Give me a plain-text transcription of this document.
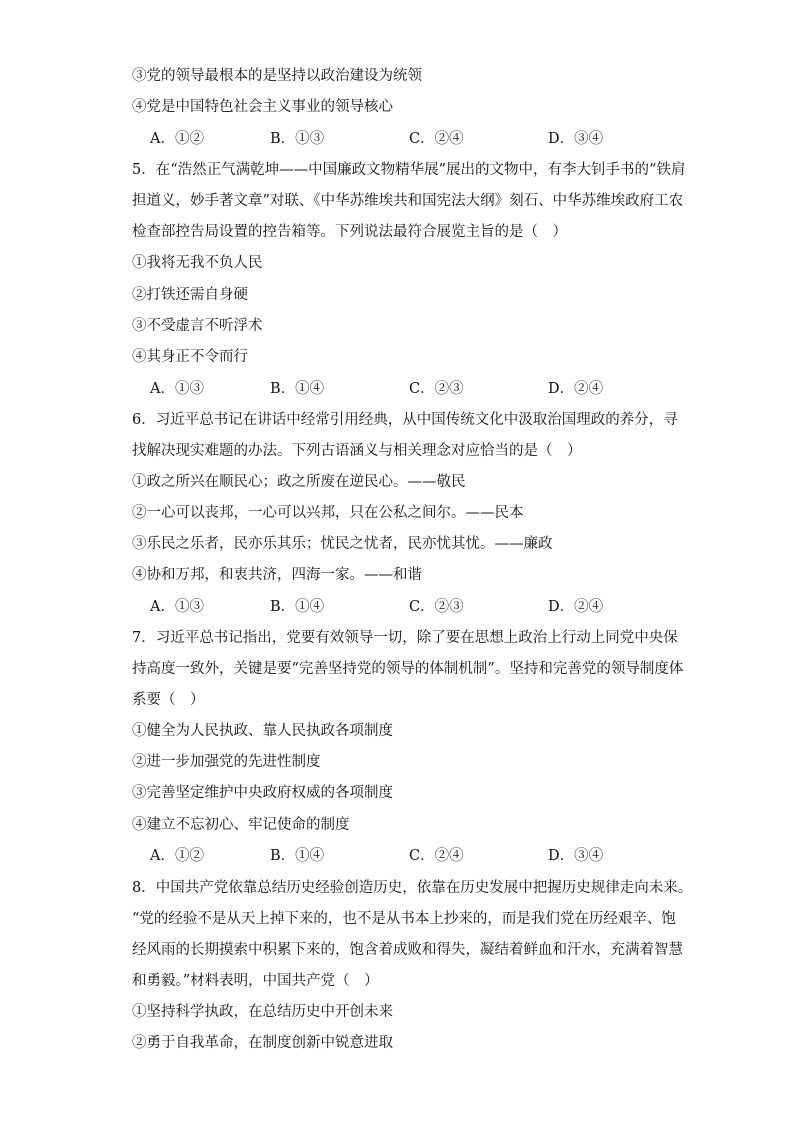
③党的领导最根本的是坚持以政治建设为统领
④党是中国特色社会主义事业的领导核心
A．①②	B．①③	C．②④	D．③④
5．在“浩然正气满乾坤——中国廉政文物精华展”展出的文物中，有李大钊手书的“铁肩
担道义，妙手著文章”对联、《中华苏维埃共和国宪法大纲》刻石、中华苏维埃政府工农
检查部控告局设置的控告箱等。下列说法最符合展览主旨的是（　）
①我将无我不负人民
②打铁还需自身硬
③不受虚言不听浮术
④其身正不令而行
A．①③	B．①④	C．②③	D．②④
6．习近平总书记在讲话中经常引用经典，从中国传统文化中汲取治国理政的养分，寻
找解决现实难题的办法。下列古语涵义与相关理念对应恰当的是（　）
①政之所兴在顺民心；政之所废在逆民心。——敬民
②一心可以丧邦，一心可以兴邦，只在公私之间尔。——民本
③乐民之乐者，民亦乐其乐；忧民之忧者，民亦忧其忧。——廉政
④协和万邦，和衷共济，四海一家。——和谐
A．①③	B．①④	C．②③	D．②④
7．习近平总书记指出，党要有效领导一切，除了要在思想上政治上行动上同党中央保
持高度一致外，关键是要“完善坚持党的领导的体制机制”。坚持和完善党的领导制度体
系要（　）
①健全为人民执政、靠人民执政各项制度
②进一步加强党的先进性制度
③完善坚定维护中央政府权威的各项制度
④建立不忘初心、牢记使命的制度
A．①②	B．①④	C．②④	D．③④
8．中国共产党依靠总结历史经验创造历史，依靠在历史发展中把握历史规律走向未来。
“党的经验不是从天上掉下来的，也不是从书本上抄来的，而是我们党在历经艰辛、饱
经风雨的长期摸索中积累下来的，饱含着成败和得失，凝结着鲜血和汗水，充满着智慧
和勇毅。”材料表明，中国共产党（　）
①坚持科学执政，在总结历史中开创未来
②勇于自我革命，在制度创新中锐意进取
